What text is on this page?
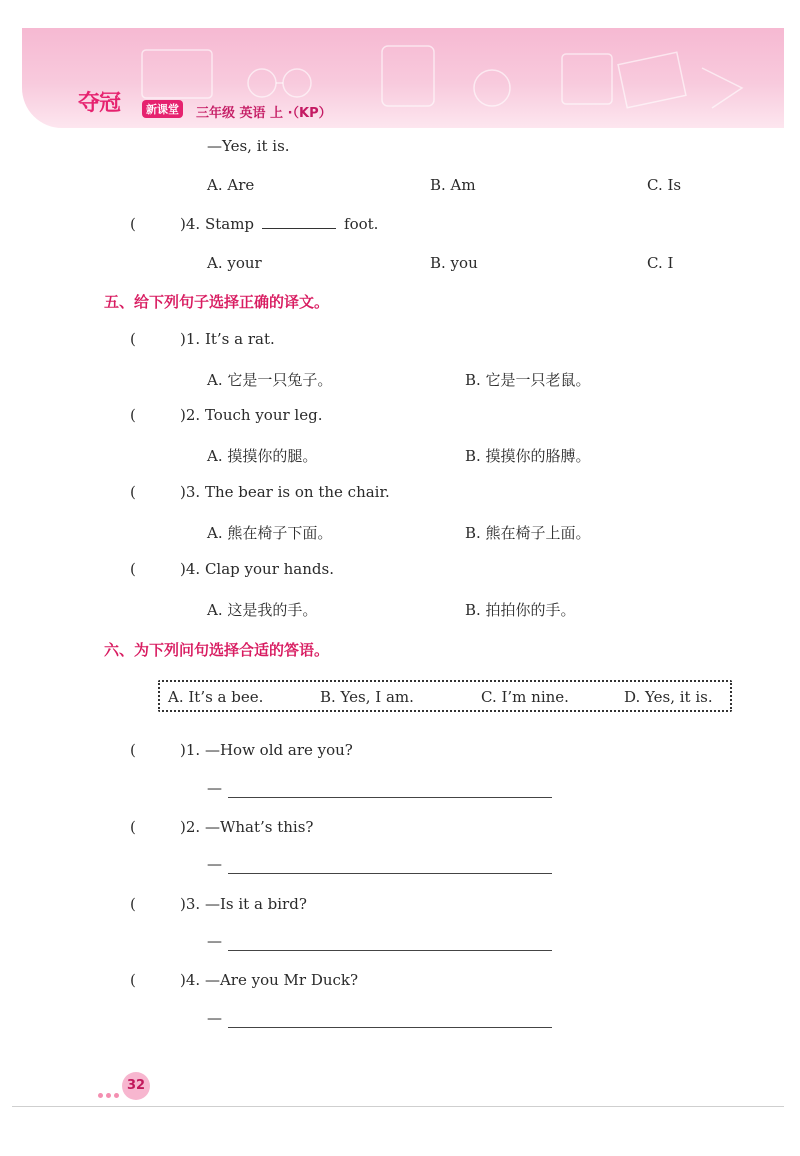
夺冠	新课堂	三年级 英语 上 ·（KP）
—Yes, it is.
A. Are	B. Am	C. Is
(	)4. Stamp	foot.
A. your	B. you	C. I
五、给下列句子选择正确的译文。
(	)1. It’s a rat.
A. 它是一只兔子。	B. 它是一只老鼠。
(	)2. Touch your leg.
A. 摸摸你的腿。	B. 摸摸你的胳膊。
(	)3. The bear is on the chair.
A. 熊在椅子下面。	B. 熊在椅子上面。
(	)4. Clap your hands.
A. 这是我的手。	B. 拍拍你的手。
六、为下列问句选择合适的答语。
A. It’s a bee.	B. Yes, I am.	C. I’m nine.	D. Yes, it is.
(	)1. —How old are you?
—
(	)2. —What’s this?
—
(	)3. —Is it a bird?
—
(	)4. —Are you Mr Duck?
—
32
